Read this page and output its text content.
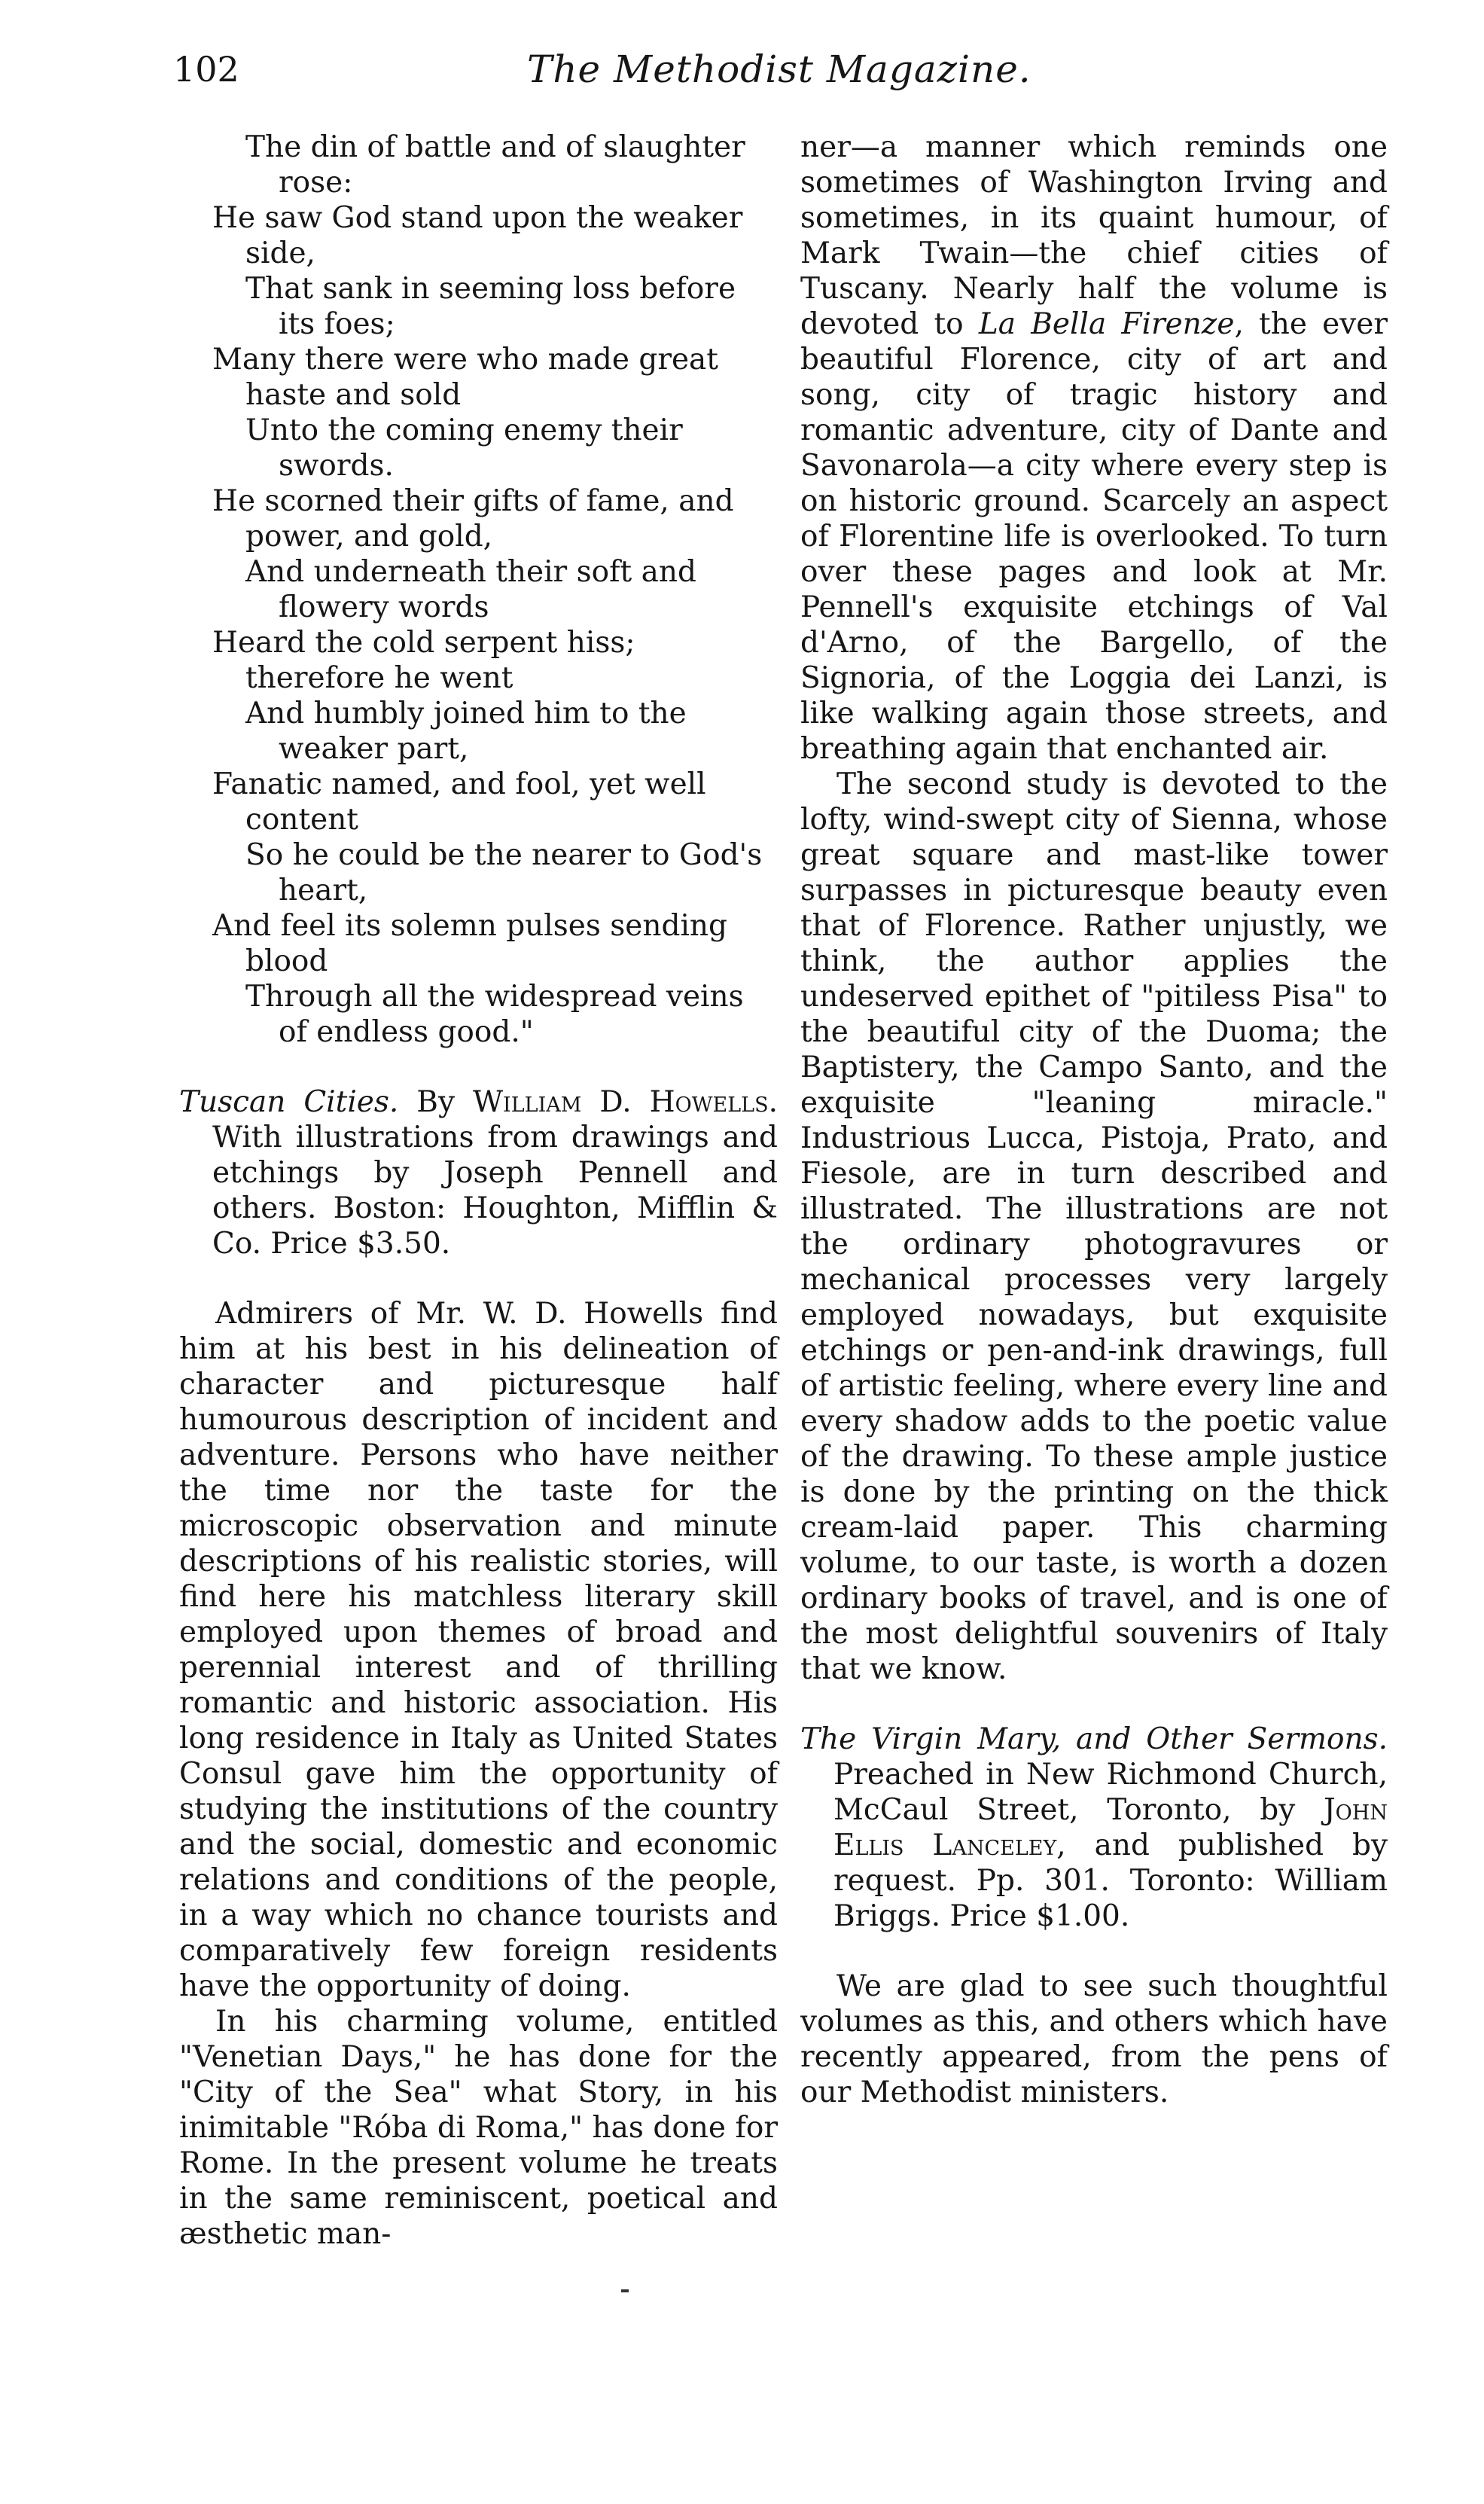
102	The Methodist Magazine.

The din of battle and of slaughter rose:

He saw God stand upon the weaker side,

That sank in seeming loss before its foes;

Many there were who made great haste and sold

Unto the coming enemy their swords.

He scorned their gifts of fame, and power, and gold,

And underneath their soft and flowery words

Heard the cold serpent hiss; therefore he went

And humbly joined him to the weaker part,

Fanatic named, and fool, yet well content

So he could be the nearer to God's heart,

And feel its solemn pulses sending blood

Through all the widespread veins of endless good."

Tuscan Cities. By William D. Howells. With illustrations from drawings and etchings by Joseph Pennell and others. Boston: Houghton, Mifflin & Co. Price $3.50.

Admirers of Mr. W. D. Howells find him at his best in his delineation of character and picturesque half humourous description of incident and adventure. Persons who have neither the time nor the taste for the microscopic observation and minute descriptions of his realistic stories, will find here his matchless literary skill employed upon themes of broad and perennial interest and of thrilling romantic and historic association. His long residence in Italy as United States Consul gave him the opportunity of studying the institutions of the country and the social, domestic and economic relations and conditions of the people, in a way which no chance tourists and comparatively few foreign residents have the opportunity of doing.

In his charming volume, entitled "Venetian Days," he has done for the "City of the Sea" what Story, in his inimitable "Róba di Roma," has done for Rome. In the present volume he treats in the same reminiscent, poetical and æsthetic man-

ner—a manner which reminds one sometimes of Washington Irving and sometimes, in its quaint humour, of Mark Twain—the chief cities of Tuscany. Nearly half the volume is devoted to La Bella Firenze, the ever beautiful Florence, city of art and song, city of tragic history and romantic adventure, city of Dante and Savonarola—a city where every step is on historic ground. Scarcely an aspect of Florentine life is overlooked. To turn over these pages and look at Mr. Pennell's exquisite etchings of Val d'Arno, of the Bargello, of the Signoria, of the Loggia dei Lanzi, is like walking again those streets, and breathing again that enchanted air.

The second study is devoted to the lofty, wind-swept city of Sienna, whose great square and mast-like tower surpasses in picturesque beauty even that of Florence. Rather unjustly, we think, the author applies the undeserved epithet of "pitiless Pisa" to the beautiful city of the Duoma; the Baptistery, the Campo Santo, and the exquisite "leaning miracle." Industrious Lucca, Pistoja, Prato, and Fiesole, are in turn described and illustrated. The illustrations are not the ordinary photogravures or mechanical processes very largely employed nowadays, but exquisite etchings or pen-and-ink drawings, full of artistic feeling, where every line and every shadow adds to the poetic value of the drawing. To these ample justice is done by the printing on the thick cream-laid paper. This charming volume, to our taste, is worth a dozen ordinary books of travel, and is one of the most delightful souvenirs of Italy that we know.

The Virgin Mary, and Other Sermons. Preached in New Richmond Church, McCaul Street, Toronto, by John Ellis Lanceley, and published by request. Pp. 301. Toronto: William Briggs. Price $1.00.

We are glad to see such thoughtful volumes as this, and others which have recently appeared, from the pens of our Methodist ministers.
